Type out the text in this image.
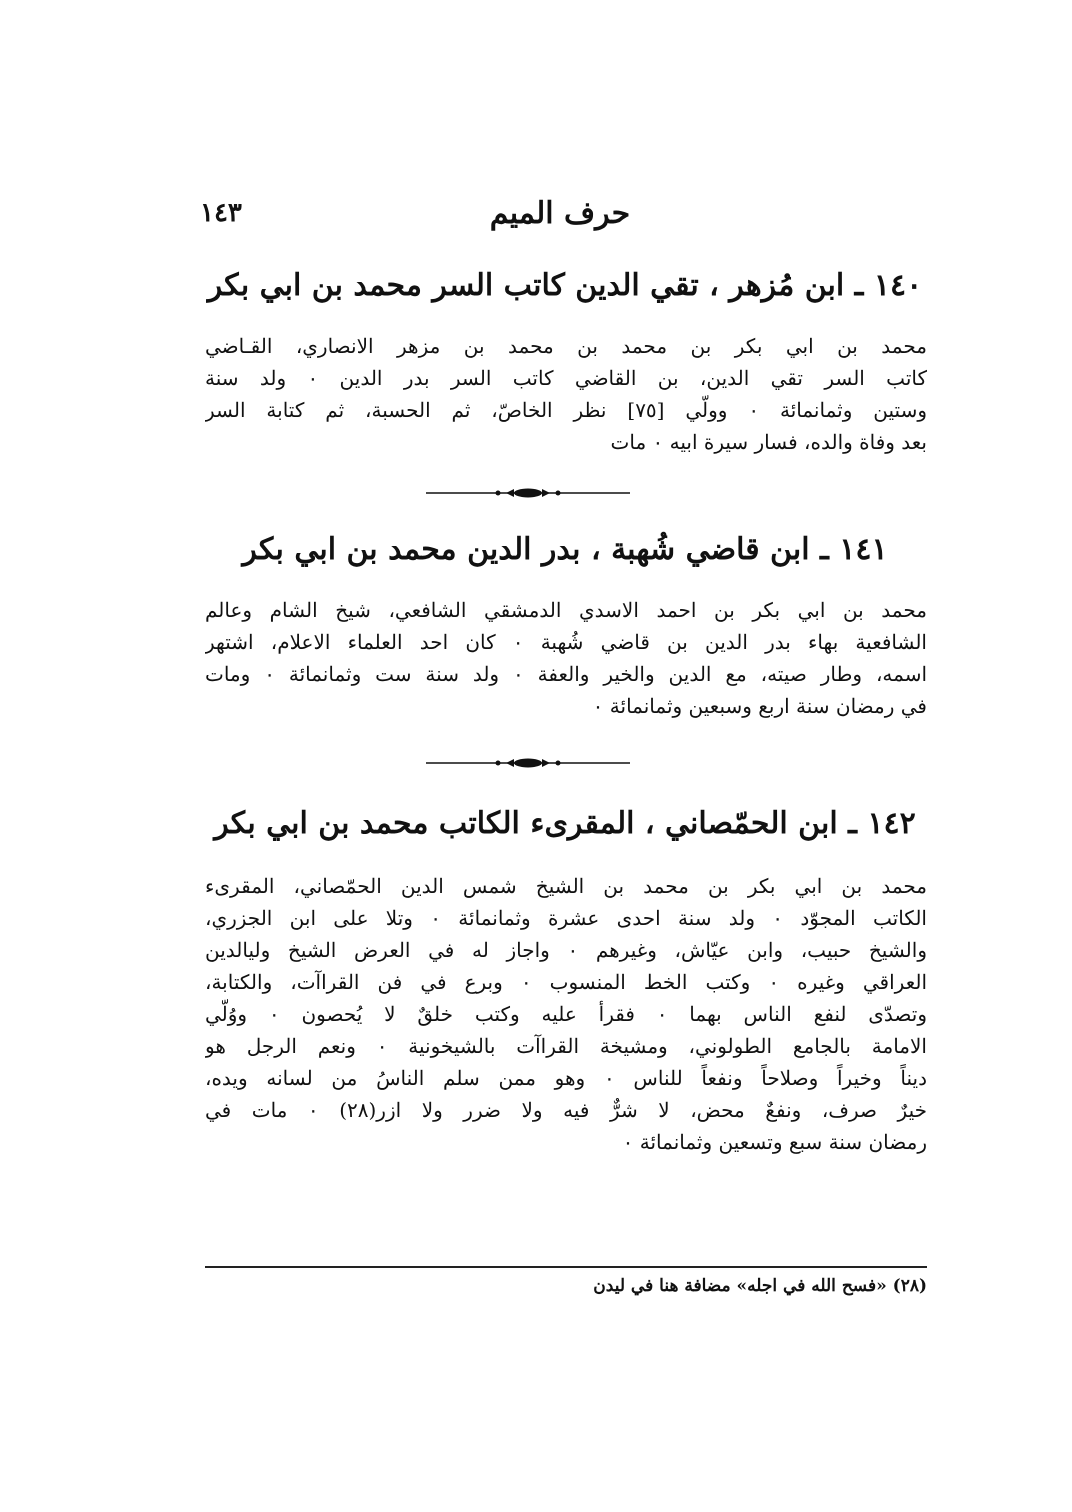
١٤٣	حرف الميم
١٤٠ ـ ابن مُزهر ، تقي الدين كاتب السر محمد بن ابي بكر
محمد بن ابي بكر بن محمد بن محمد بن مزهر الانصاري، القـاضي
كاتب السر تقي الدين، بن القاضي كاتب السر بدر الدين ٠ ولد سنة
وستين وثمانمائة ٠ وولّي [٧٥] نظر الخاصّ، ثم الحسبة، ثم كتابة السر
بعد وفاة والده، فسار سيرة ابيه ٠ مات
١٤١ ـ ابن قاضي شُهبة ، بدر الدين محمد بن ابي بكر
محمد بن ابي بكر بن احمد الاسدي الدمشقي الشافعي، شيخ الشام وعالم
الشافعية بهاء بدر الدين بن قاضي شُهبة ٠ كان احد العلماء الاعلام، اشتهر
اسمه، وطار صيته، مع الدين والخير والعفة ٠ ولد سنة ست وثمانمائة ٠ ومات
في رمضان سنة اربع وسبعين وثمانمائة ٠
١٤٢ ـ ابن الحمّصاني ، المقرىء الكاتب محمد بن ابي بكر
محمد بن ابي بكر بن محمد بن الشيخ شمس الدين الحمّصاني، المقرىء
الكاتب المجوّد ٠ ولد سنة احدى عشرة وثمانمائة ٠ وتلا على ابن الجزري،
والشيخ حبيب، وابن عيّاش، وغيرهم ٠ واجاز له في العرض الشيخ وليالدين
العراقي وغيره ٠ وكتب الخط المنسوب ٠ وبرع في فن القراآت، والكتابة،
وتصدّى لنفع الناس بهما ٠ فقرأ عليه وكتب خلقٌ لا يُحصون ٠ ووُلّي
الامامة بالجامع الطولوني، ومشيخة القراآت بالشيخونية ٠ ونعم الرجل هو
ديناً وخيراً وصلاحاً ونفعاً للناس ٠ وهو ممن سلم الناسُ من لسانه ويده،
خيرٌ صرف، ونفعٌ محض، لا شرٌّ فيه ولا ضرر ولا ازر(٢٨) ٠ مات في
رمضان سنة سبع وتسعين وثمانمائة ٠
(٢٨) «فسح الله في اجله» مضافة هنا في ليدن
